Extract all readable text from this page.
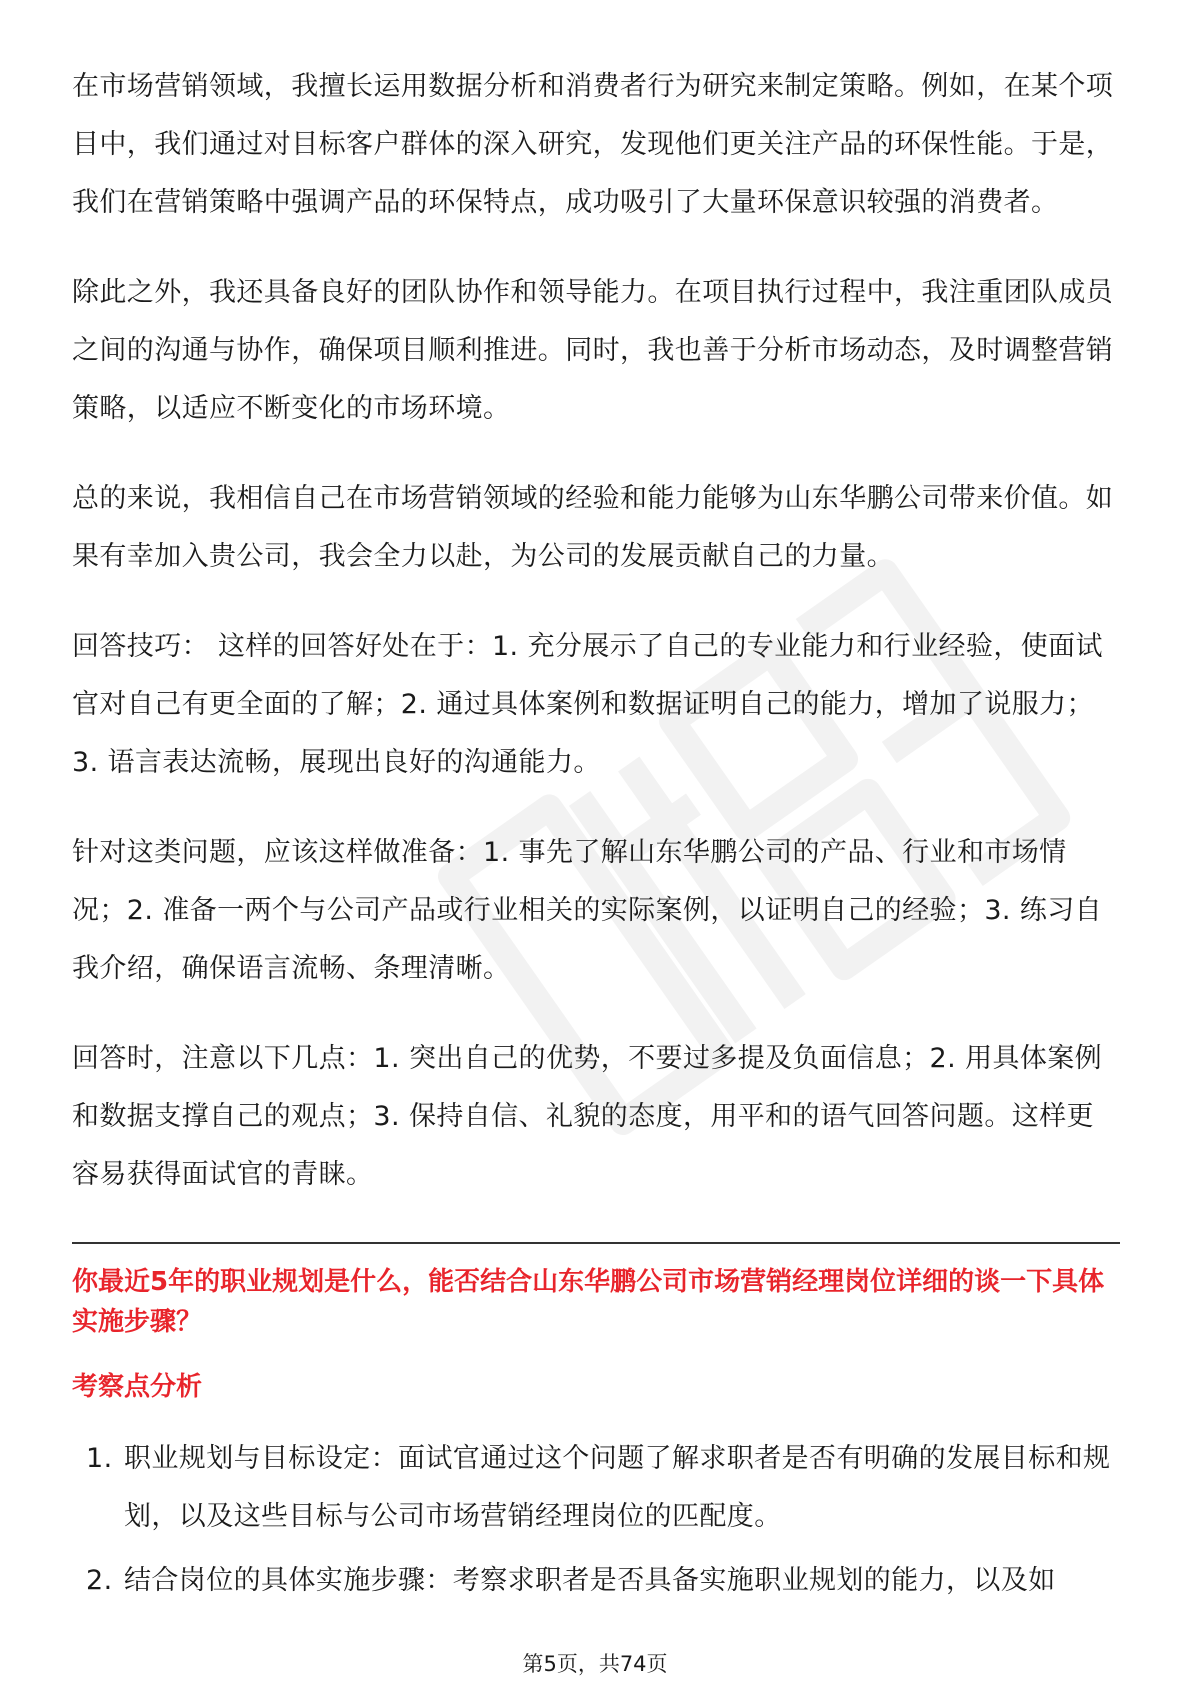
在市场营销领域，我擅长运用数据分析和消费者行为研究来制定策略。例如，在某个项目中，我们通过对目标客户群体的深入研究，发现他们更关注产品的环保性能。于是，我们在营销策略中强调产品的环保特点，成功吸引了大量环保意识较强的消费者。

除此之外，我还具备良好的团队协作和领导能力。在项目执行过程中，我注重团队成员之间的沟通与协作，确保项目顺利推进。同时，我也善于分析市场动态，及时调整营销策略，以适应不断变化的市场环境。

总的来说，我相信自己在市场营销领域的经验和能力能够为山东华鹏公司带来价值。如果有幸加入贵公司，我会全力以赴，为公司的发展贡献自己的力量。

回答技巧： 这样的回答好处在于：1. 充分展示了自己的专业能力和行业经验，使面试官对自己有更全面的了解；2. 通过具体案例和数据证明自己的能力，增加了说服力；3. 语言表达流畅，展现出良好的沟通能力。

针对这类问题，应该这样做准备：1. 事先了解山东华鹏公司的产品、行业和市场情况；2. 准备一两个与公司产品或行业相关的实际案例，以证明自己的经验；3. 练习自我介绍，确保语言流畅、条理清晰。

回答时，注意以下几点：1. 突出自己的优势，不要过多提及负面信息；2. 用具体案例和数据支撑自己的观点；3. 保持自信、礼貌的态度，用平和的语气回答问题。这样更容易获得面试官的青睐。

你最近5年的职业规划是什么，能否结合山东华鹏公司市场营销经理岗位详细的谈一下具体实施步骤？

考察点分析

1. 职业规划与目标设定：面试官通过这个问题了解求职者是否有明确的发展目标和规划，以及这些目标与公司市场营销经理岗位的匹配度。
2. 结合岗位的具体实施步骤：考察求职者是否具备实施职业规划的能力，以及如
第5页，共74页
